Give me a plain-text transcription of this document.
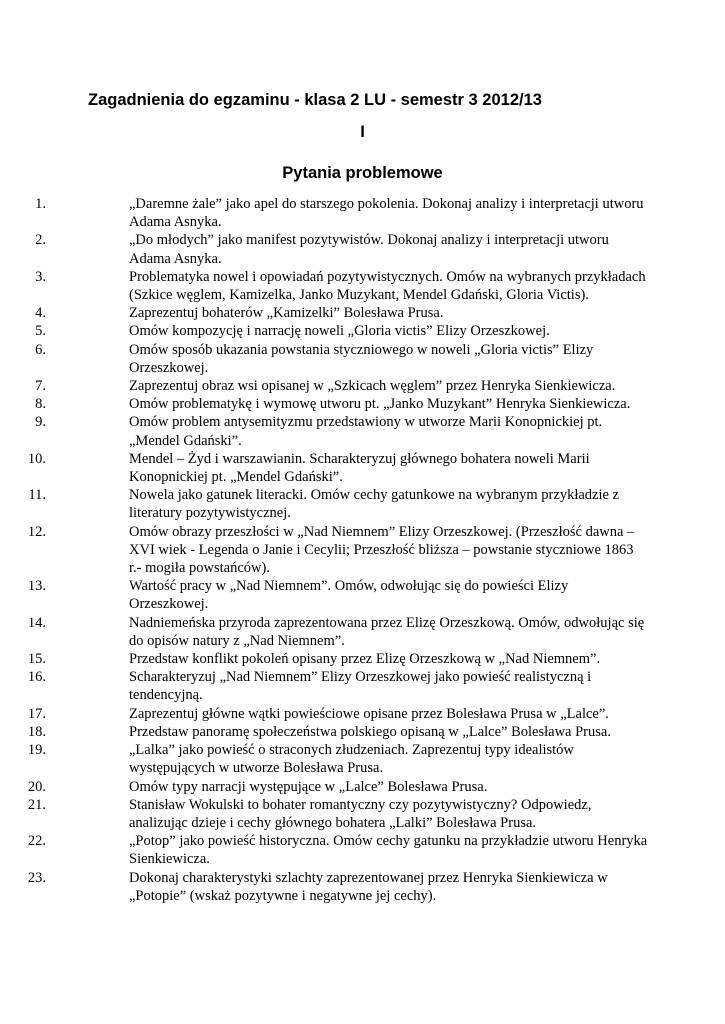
Zagadnienia do egzaminu - klasa 2 LU - semestr 3 2012/13
I
Pytania problemowe
1.	„Daremne żale” jako apel do starszego pokolenia. Dokonaj analizy i interpretacji utworu Adama Asnyka.
2.	„Do młodych” jako manifest pozytywistów. Dokonaj analizy i interpretacji utworu Adama Asnyka.
3.	Problematyka nowel i opowiadań pozytywistycznych. Omów na wybranych przykładach (Szkice węglem, Kamizelka, Janko Muzykant, Mendel Gdański, Gloria Victis).
4.	Zaprezentuj bohaterów „Kamizelki” Bolesława Prusa.
5.	Omów kompozycję i narrację noweli „Gloria victis” Elizy Orzeszkowej.
6.	Omów sposób ukazania powstania styczniowego w noweli „Gloria victis” Elizy Orzeszkowej.
7.	Zaprezentuj obraz wsi opisanej w „Szkicach węglem” przez Henryka Sienkiewicza.
8.	Omów problematykę i wymowę utworu pt. „Janko Muzykant” Henryka Sienkiewicza.
9.	Omów problem antysemityzmu przedstawiony w utworze Marii Konopnickiej pt. „Mendel Gdański”.
10.	Mendel – Żyd i warszawianin. Scharakteryzuj głównego bohatera noweli Marii Konopnickiej pt. „Mendel Gdański”.
11.	Nowela jako gatunek literacki. Omów cechy gatunkowe na wybranym przykładzie z literatury pozytywistycznej.
12.	Omów obrazy przeszłości w „Nad Niemnem” Elizy Orzeszkowej. (Przeszłość dawna – XVI wiek - Legenda o Janie i Cecylii; Przeszłość bliższa – powstanie styczniowe 1863 r.- mogiła powstańców).
13.	Wartość pracy w „Nad Niemnem”. Omów, odwołując się do powieści Elizy Orzeszkowej.
14.	Nadniemeńska przyroda zaprezentowana przez Elizę Orzeszkową. Omów, odwołując się do opisów natury z „Nad Niemnem”.
15.	Przedstaw konflikt pokoleń opisany przez Elizę Orzeszkową w „Nad Niemnem”.
16.	Scharakteryzuj „Nad Niemnem” Elizy Orzeszkowej jako powieść realistyczną i tendencyjną.
17.	Zaprezentuj główne wątki powieściowe opisane przez Bolesława Prusa w „Lalce”.
18.	Przedstaw panoramę społeczeństwa polskiego opisaną w „Lalce” Bolesława Prusa.
19.	„Lalka” jako powieść o straconych złudzeniach. Zaprezentuj typy idealistów występujących w utworze Bolesława Prusa.
20.	Omów typy narracji występujące w „Lalce” Bolesława Prusa.
21.	Stanisław Wokulski to bohater romantyczny czy pozytywistyczny? Odpowiedz, analizując dzieje i cechy głównego bohatera „Lalki” Bolesława Prusa.
22.	„Potop” jako powieść historyczna. Omów cechy gatunku na przykładzie utworu Henryka Sienkiewicza.
23.	Dokonaj charakterystyki szlachty zaprezentowanej przez Henryka Sienkiewicza w „Potopie” (wskaż pozytywne i negatywne jej cechy).
